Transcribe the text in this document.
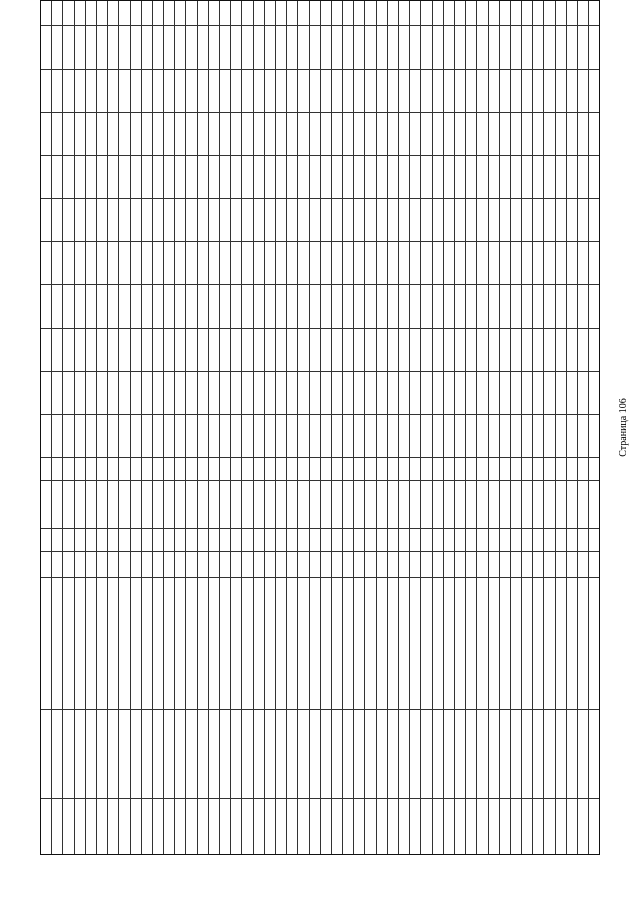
Страница 106
